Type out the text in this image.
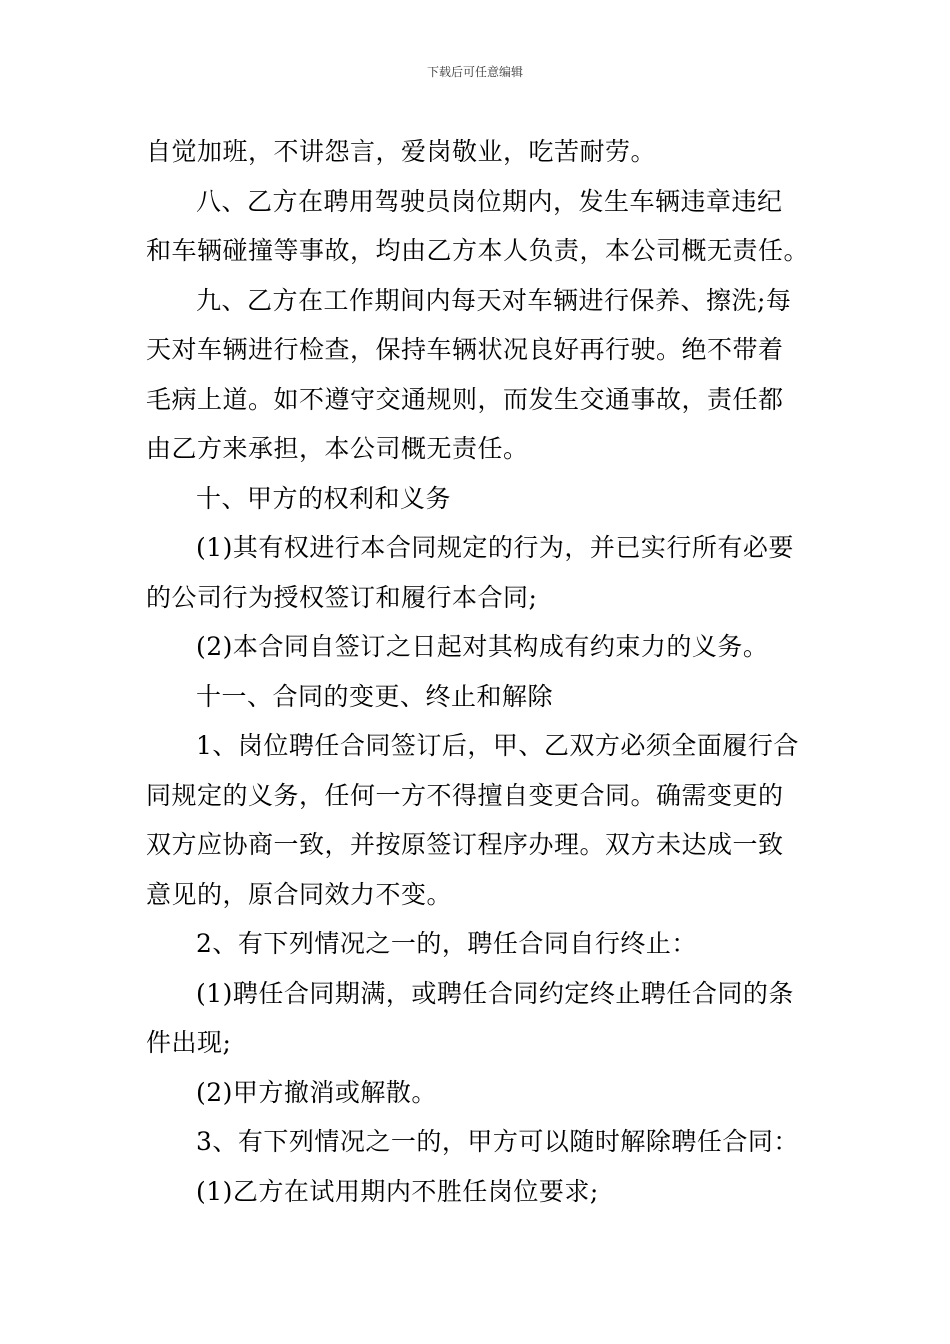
下载后可任意编辑

自觉加班，不讲怨言，爱岗敬业，吃苦耐劳。

八、乙方在聘用驾驶员岗位期内，发生车辆违章违纪

和车辆碰撞等事故，均由乙方本人负责，本公司概无责任。

九、乙方在工作期间内每天对车辆进行保养、擦洗;每

天对车辆进行检查，保持车辆状况良好再行驶。绝不带着

毛病上道。如不遵守交通规则，而发生交通事故，责任都

由乙方来承担，本公司概无责任。

十、甲方的权利和义务

(1)其有权进行本合同规定的行为，并已实行所有必要

的公司行为授权签订和履行本合同;

(2)本合同自签订之日起对其构成有约束力的义务。

十一、合同的变更、终止和解除

1、岗位聘任合同签订后，甲、乙双方必须全面履行合

同规定的义务，任何一方不得擅自变更合同。确需变更的

双方应协商一致，并按原签订程序办理。双方未达成一致

意见的，原合同效力不变。

2、有下列情况之一的，聘任合同自行终止：

(1)聘任合同期满，或聘任合同约定终止聘任合同的条

件出现;

(2)甲方撤消或解散。

3、有下列情况之一的，甲方可以随时解除聘任合同：

(1)乙方在试用期内不胜任岗位要求;
